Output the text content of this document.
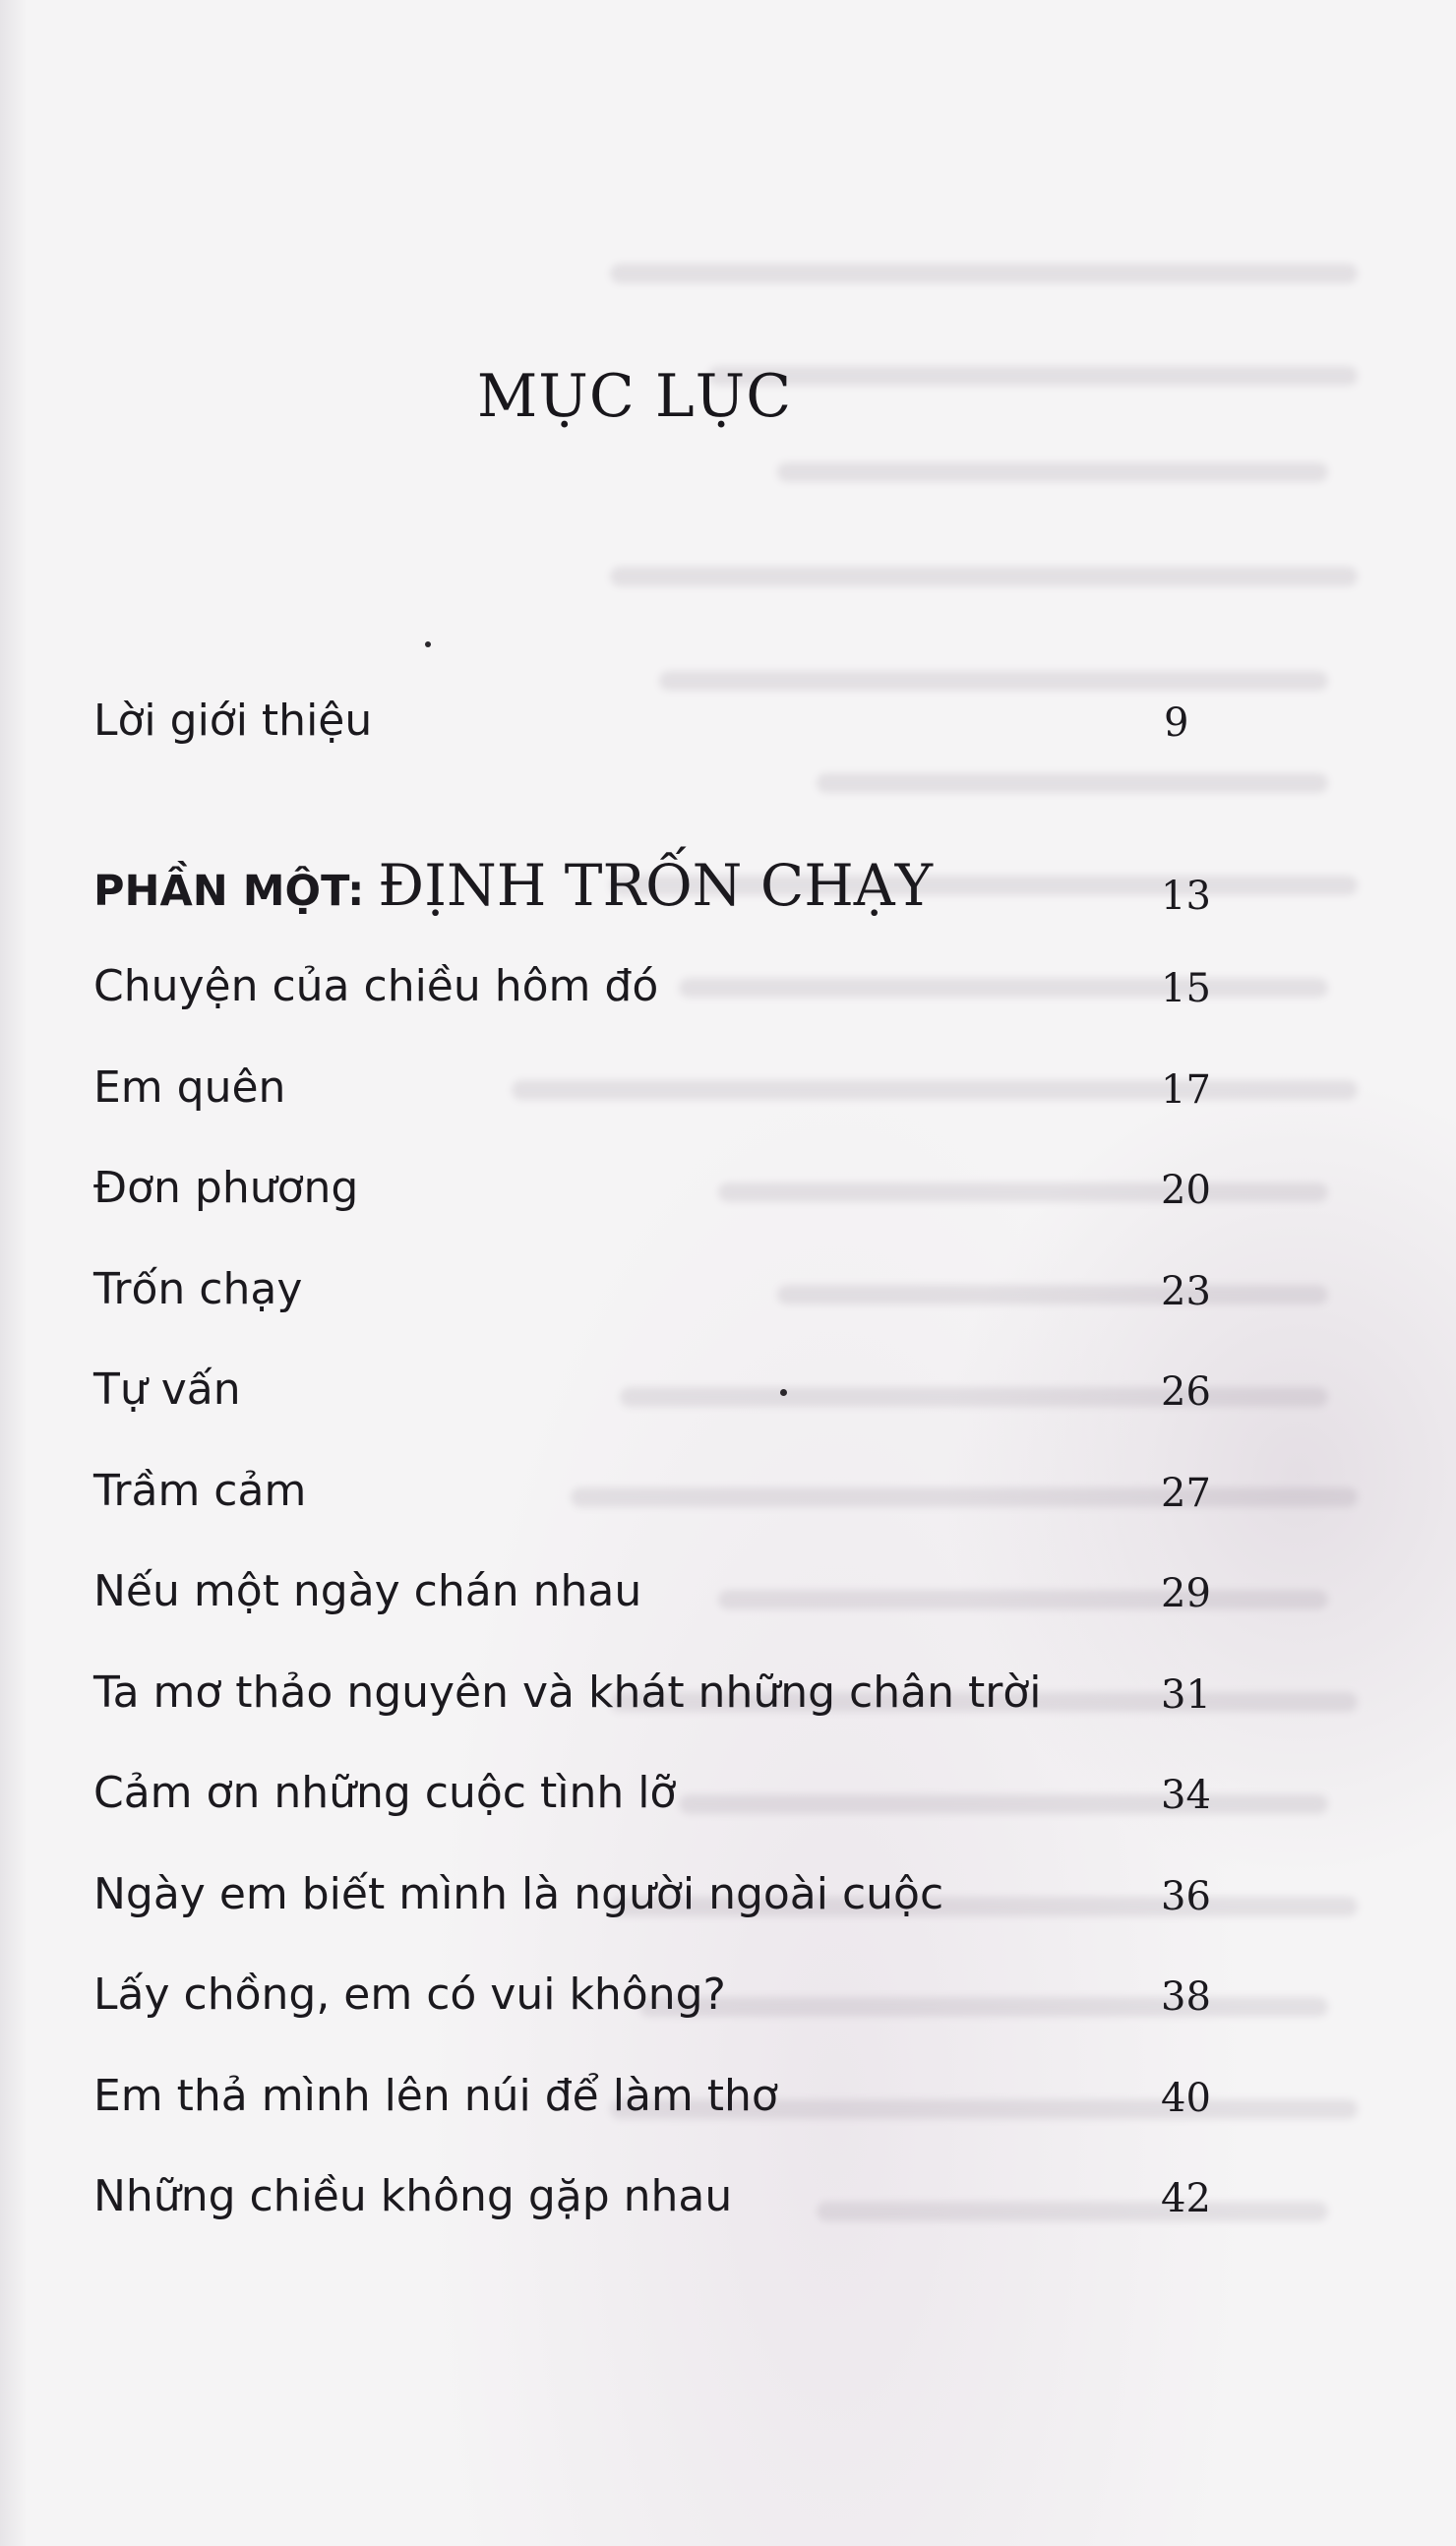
MỤC LỤC
Lời giới thiệu	9
PHẦN MỘT: ĐỊNH TRỐN CHẠY	13
Chuyện của chiều hôm đó	15
Em quên	17
Đơn phương	20
Trốn chạy	23
Tự vấn	26
Trầm cảm	27
Nếu một ngày chán nhau	29
Ta mơ thảo nguyên và khát những chân trời	31
Cảm ơn những cuộc tình lỡ	34
Ngày em biết mình là người ngoài cuộc	36
Lấy chồng, em có vui không?	38
Em thả mình lên núi để làm thơ	40
Những chiều không gặp nhau	42
